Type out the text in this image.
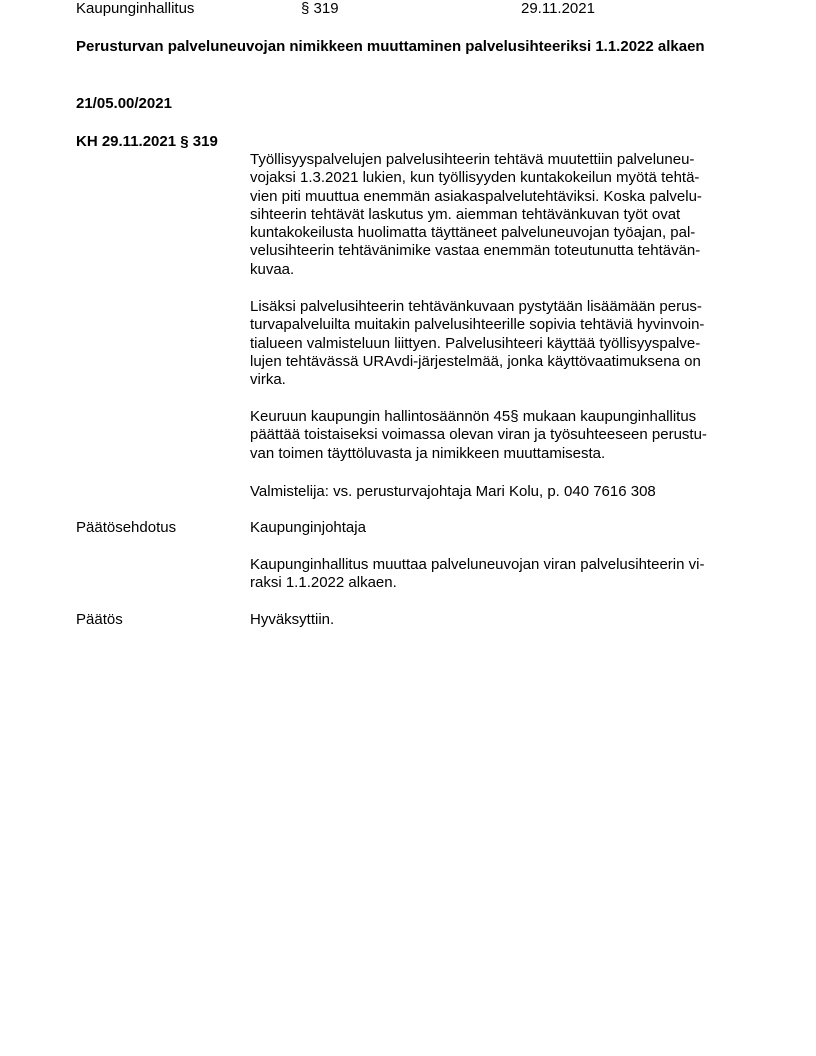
Kaupunginhallitus	§ 319	29.11.2021
Perusturvan palveluneuvojan nimikkeen muuttaminen palvelusihteeriksi 1.1.2022 alkaen
21/05.00/2021
KH 29.11.2021 § 319
Työllisyyspalvelujen palvelusihteerin tehtävä muutettiin palveluneu-
vojaksi 1.3.2021 lukien, kun työllisyyden kuntakokeilun myötä tehtä-
vien piti muuttua enemmän asiakaspalvelutehtäviksi. Koska palvelu-
sihteerin tehtävät laskutus ym. aiemman tehtävänkuvan työt ovat
kuntakokeilusta huolimatta täyttäneet palveluneuvojan työajan, pal-
velusihteerin tehtävänimike vastaa enemmän toteutunutta tehtävän-
kuvaa.
Lisäksi palvelusihteerin tehtävänkuvaan pystytään lisäämään perus-
turvapalveluilta muitakin palvelusihteerille sopivia tehtäviä hyvinvoin-
tialueen valmisteluun liittyen. Palvelusihteeri käyttää työllisyyspalve-
lujen tehtävässä URAvdi-järjestelmää, jonka käyttövaatimuksena on
virka.
Keuruun kaupungin hallintosäännön 45§ mukaan kaupunginhallitus
päättää toistaiseksi voimassa olevan viran ja työsuhteeseen perustu-
van toimen täyttöluvasta ja nimikkeen muuttamisesta.
Valmistelija: vs. perusturvajohtaja Mari Kolu, p. 040 7616 308
Päätösehdotus	Kaupunginjohtaja
Kaupunginhallitus muuttaa palveluneuvojan viran palvelusihteerin vi-
raksi 1.1.2022 alkaen.
Päätös	Hyväksyttiin.
